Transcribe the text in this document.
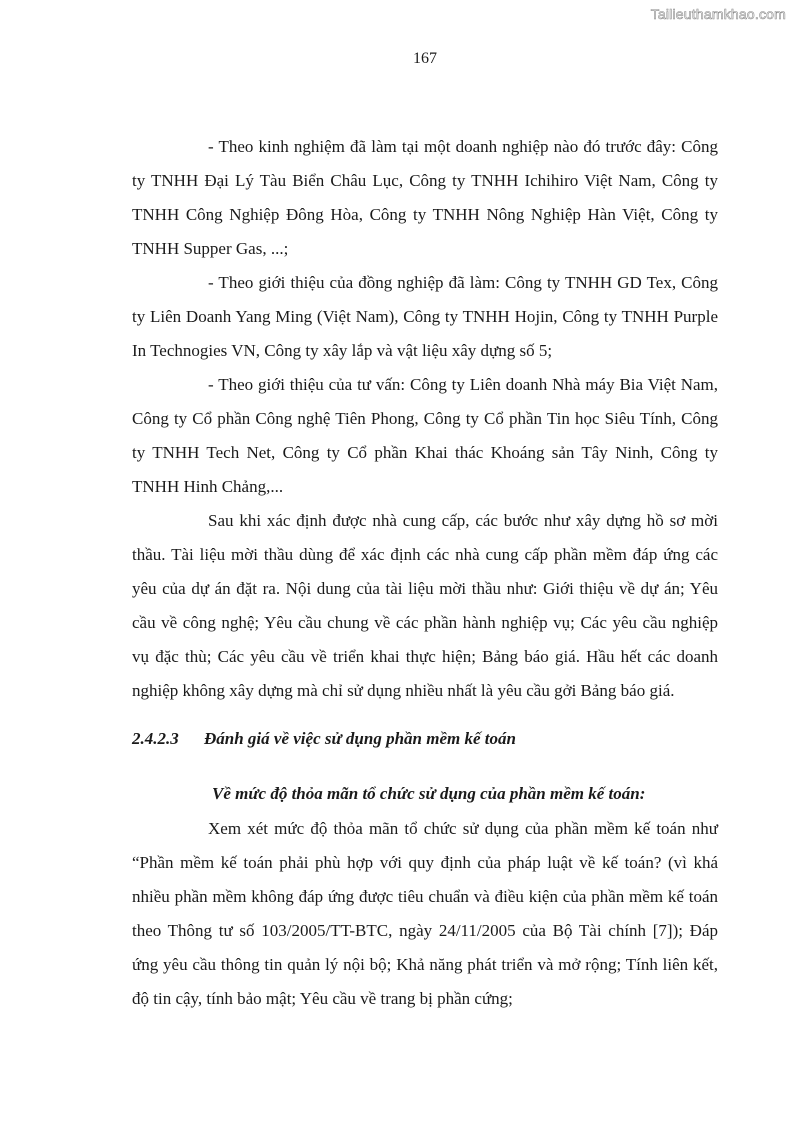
Tailieuthamkhao.com
167

- Theo kinh nghiệm đã làm tại một doanh nghiệp nào đó trước đây: Công ty TNHH Đại Lý Tàu Biển Châu Lục, Công ty TNHH Ichihiro Việt Nam, Công ty TNHH Công Nghiệp Đông Hòa, Công ty TNHH Nông Nghiệp Hàn Việt, Công ty TNHH Supper Gas, ...;

- Theo giới thiệu của đồng nghiệp đã làm: Công ty TNHH GD Tex, Công ty Liên Doanh Yang Ming (Việt Nam), Công ty TNHH Hojin, Công ty TNHH Purple In Technogies VN, Công ty xây lắp và vật liệu xây dựng số 5;

- Theo giới thiệu của tư vấn: Công ty Liên doanh Nhà máy Bia Việt Nam, Công ty Cổ phần Công nghệ Tiên Phong, Công ty Cổ phần Tin học Siêu Tính, Công ty TNHH Tech Net, Công ty Cổ phần Khai thác Khoáng sản Tây Ninh, Công ty TNHH Hinh Chảng,...

Sau khi xác định được nhà cung cấp, các bước như xây dựng hồ sơ mời thầu. Tài liệu mời thầu dùng để xác định các nhà cung cấp phần mềm đáp ứng các yêu của dự án đặt ra. Nội dung của tài liệu mời thầu như: Giới thiệu về dự án; Yêu cầu về công nghệ; Yêu cầu chung về các phần hành nghiệp vụ; Các yêu cầu nghiệp vụ đặc thù; Các yêu cầu về triển khai thực hiện; Bảng báo giá. Hầu hết các doanh nghiệp không xây dựng mà chỉ sử dụng nhiều nhất là yêu cầu gởi Bảng báo giá.

2.4.2.3 Đánh giá về việc sử dụng phần mềm kế toán
Về mức độ thỏa mãn tổ chức sử dụng của phần mềm kế toán:

Xem xét mức độ thỏa mãn tổ chức sử dụng của phần mềm kế toán như “Phần mềm kế toán phải phù hợp với quy định của pháp luật về kế toán? (vì khá nhiều phần mềm không đáp ứng được tiêu chuẩn và điều kiện của phần mềm kế toán theo Thông tư số 103/2005/TT-BTC, ngày 24/11/2005 của Bộ Tài chính [7]); Đáp ứng yêu cầu thông tin quản lý nội bộ; Khả năng phát triển và mở rộng; Tính liên kết, độ tin cậy, tính bảo mật; Yêu cầu về trang bị phần cứng;
